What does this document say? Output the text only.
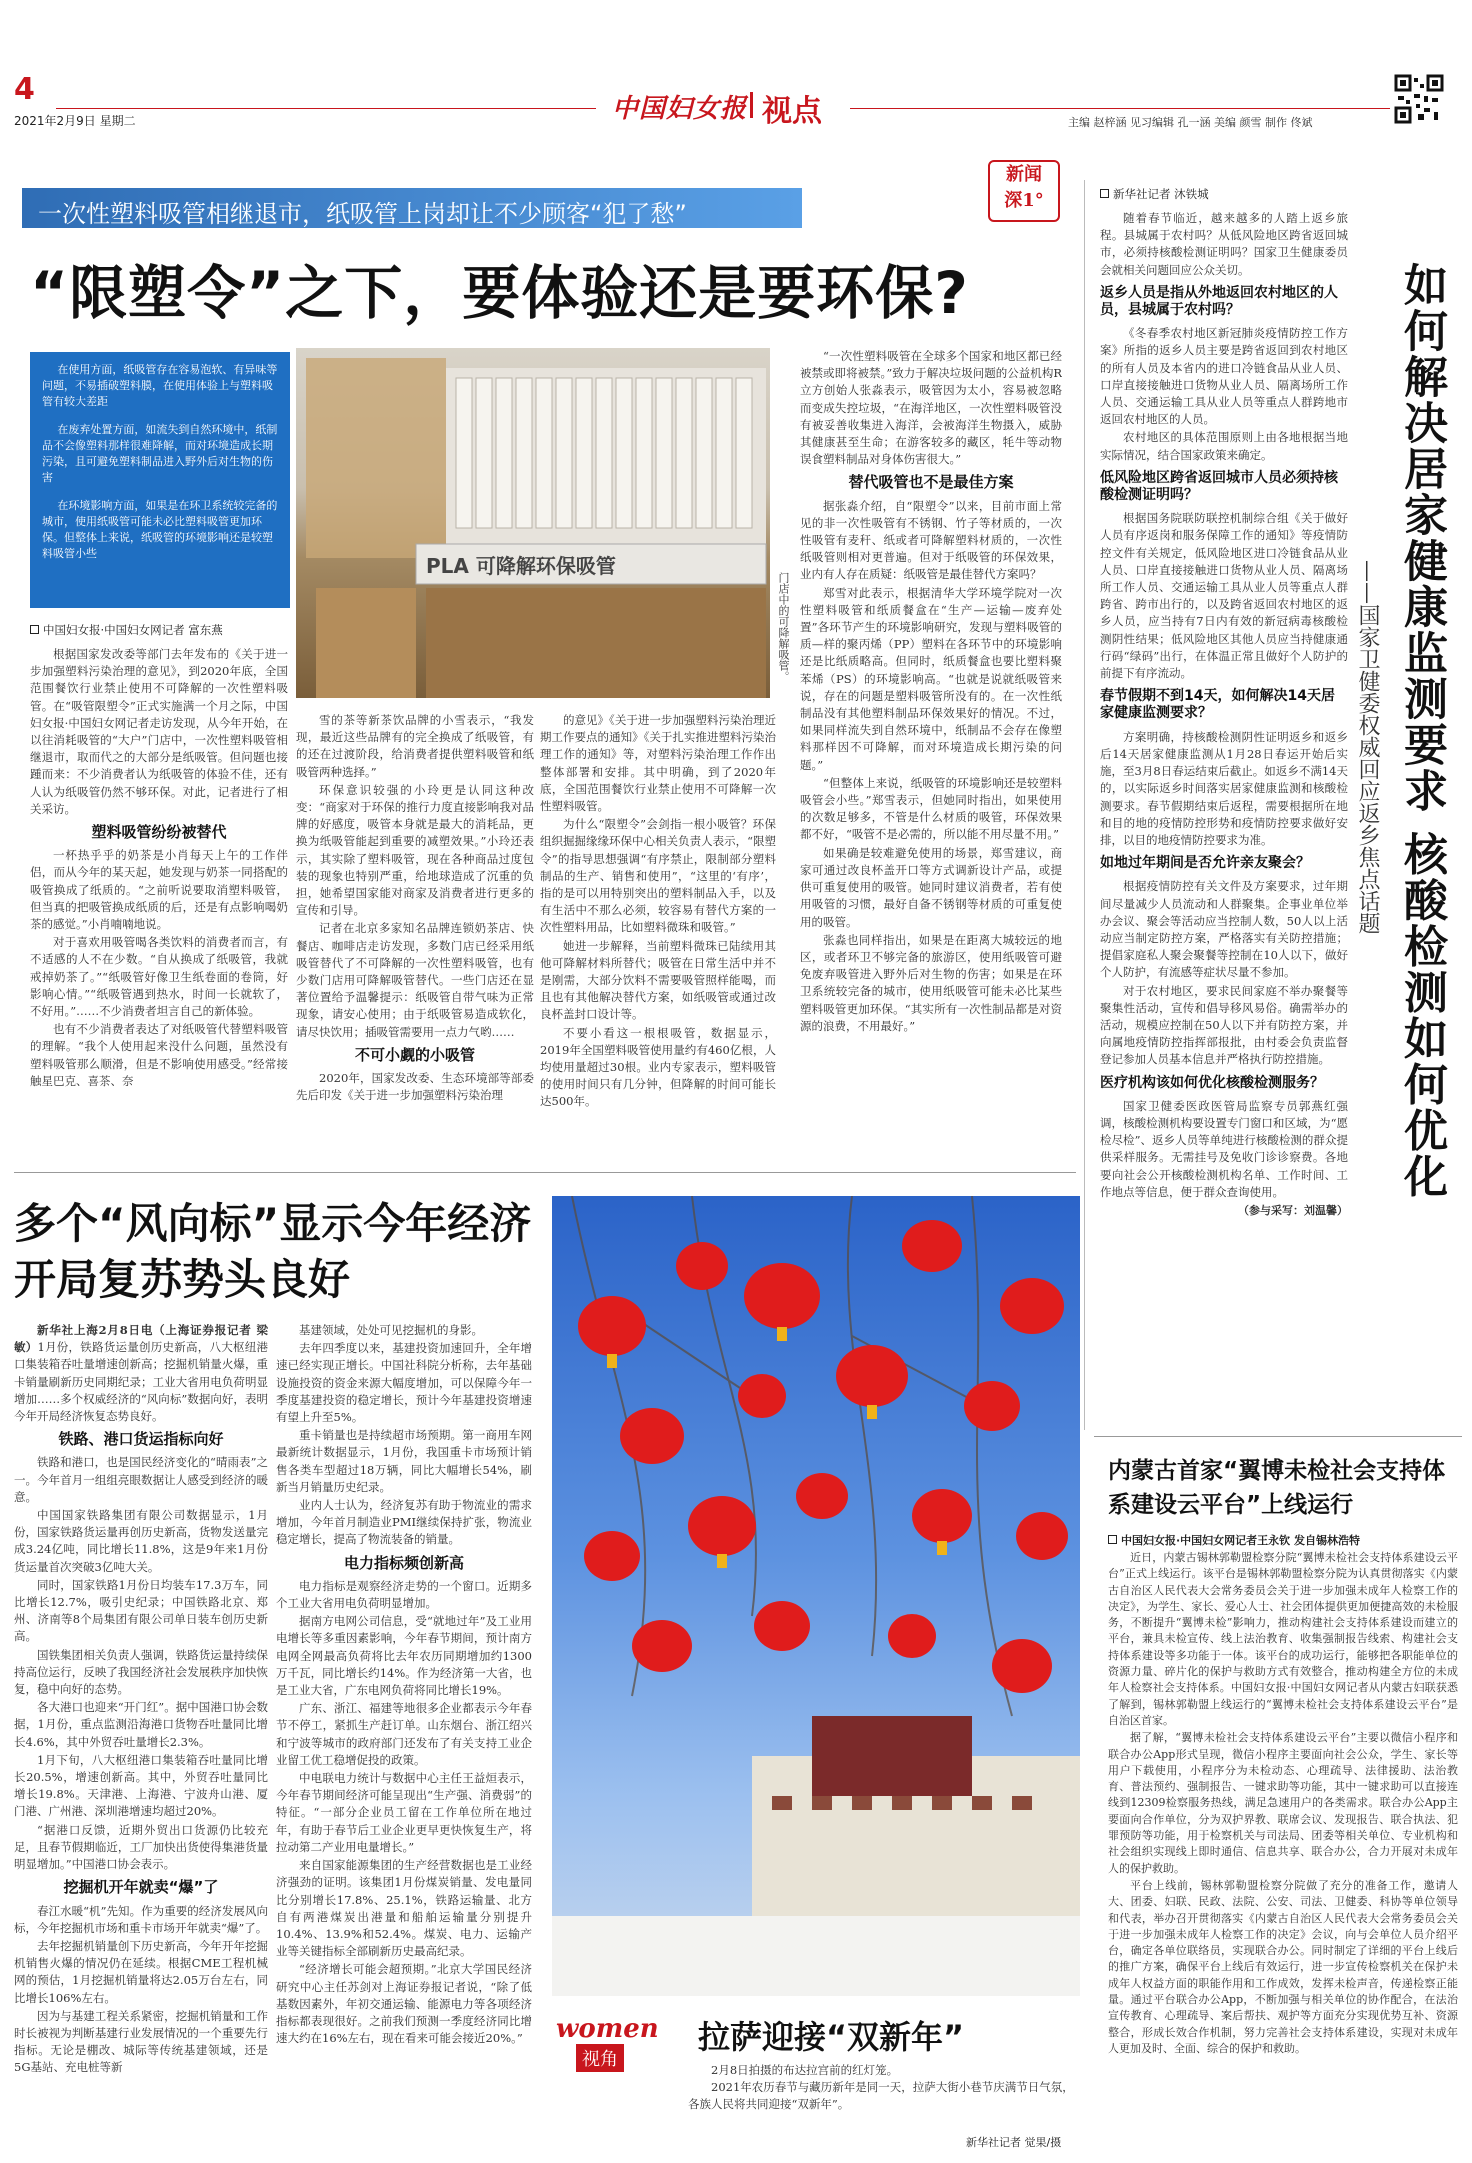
4
2021年2月9日 星期二	中国妇女报 视点	主编 赵梓涵 见习编辑 孔一涵 美编 颜雪 制作 佟斌
一次性塑料吸管相继退市，纸吸管上岗却让不少顾客“犯了愁”
新闻
深1°
“限塑令”之下，要体验还是要环保?
在使用方面，纸吸管存在容易泡软、有异味等问题，不易插破塑料膜，在使用体验上与塑料吸管有较大差距
在废弃处置方面，如流失到自然环境中，纸制品不会像塑料那样很难降解，而对环境造成长期污染，且可避免塑料制品进入野外后对生物的伤害
在环境影响方面，如果是在环卫系统较完备的城市，使用纸吸管可能未必比塑料吸管更加环保。但整体上来说，纸吸管的环境影响还是较塑料吸管小些
PLA 可降解环保吸管
门店中的可降解吸管。
中国妇女报·中国妇女网记者 富东燕

根据国家发改委等部门去年发布的《关于进一步加强塑料污染治理的意见》，到2020年底，全国范围餐饮行业禁止使用不可降解的一次性塑料吸管。在“吸管限塑令”正式实施满一个月之际，中国妇女报·中国妇女网记者走访发现，从今年开始，在以往消耗吸管的“大户”门店中，一次性塑料吸管相继退市，取而代之的大部分是纸吸管。但问题也接踵而来：不少消费者认为纸吸管的体验不佳，还有人认为纸吸管仍然不够环保。对此，记者进行了相关采访。

塑料吸管纷纷被替代

一杯热乎乎的奶茶是小肖每天上午的工作伴侣，而从今年的某天起，她发现与奶茶一同搭配的吸管换成了纸质的。“之前听说要取消塑料吸管，但当真的把吸管换成纸质的后，还是有点影响喝奶茶的感觉。”小肖喃喃地说。

对于喜欢用吸管喝各类饮料的消费者而言，有不适感的人不在少数。“自从换成了纸吸管，我就戒掉奶茶了。”“纸吸管好像卫生纸卷面的卷筒，好影响心情。”“纸吸管遇到热水，时间一长就软了，不好用。”……不少消费者坦言自己的新体验。

也有不少消费者表达了对纸吸管代替塑料吸管的理解。“我个人使用起来没什么问题，虽然没有塑料吸管那么顺滑，但是不影响使用感受。”经常接触星巴克、喜茶、奈

雪的茶等新茶饮品牌的小雪表示，“我发现，最近这些品牌有的完全换成了纸吸管，有的还在过渡阶段，给消费者提供塑料吸管和纸吸管两种选择。”

环保意识较强的小玲更是认同这种改变：“商家对于环保的推行力度直接影响我对品牌的好感度，吸管本身就是最大的消耗品，更换为纸吸管能起到重要的减塑效果。”小玲还表示，其实除了塑料吸管，现在各种商品过度包装的现象也特别严重，给地球造成了沉重的负担，她希望国家能对商家及消费者进行更多的宣传和引导。

记者在北京多家知名品牌连锁奶茶店、快餐店、咖啡店走访发现，多数门店已经采用纸吸管替代了不可降解的一次性塑料吸管，也有少数门店用可降解吸管替代。一些门店还在显著位置给予温馨提示：纸吸管自带气味为正常现象，请安心使用；由于纸吸管易造成软化，请尽快饮用；插吸管需要用一点力气哟……

不可小觑的小吸管

2020年，国家发改委、生态环境部等部委先后印发《关于进一步加强塑料污染治理

的意见》《关于进一步加强塑料污染治理近期工作要点的通知》《关于扎实推进塑料污染治理工作的通知》等，对塑料污染治理工作作出整体部署和安排。其中明确，到了2020年底，全国范围餐饮行业禁止使用不可降解一次性塑料吸管。

为什么“限塑令”会剑指一根小吸管？环保组织掘掘缘缘环保中心相关负责人表示，“限塑令”的指导思想强调“有序禁止，限制部分塑料制品的生产、销售和使用”，“这里的‘有序’，指的是可以用特别突出的塑料制品入手，以及有生活中不那么必须，较容易有替代方案的一次性塑料用品，比如塑料微珠和吸管。”

她进一步解释，当前塑料微珠已陆续用其他可降解材料所替代；吸管在日常生活中并不是刚需，大部分饮料不需要吸管照样能喝，而且也有其他解决替代方案，如纸吸管或通过改良杯盖封口设计等。

不要小看这一根根吸管，数据显示，2019年全国塑料吸管使用量约有460亿根，人均使用量超过30根。业内专家表示，塑料吸管的使用时间只有几分钟，但降解的时间可能长达500年。

“一次性塑料吸管在全球多个国家和地区都已经被禁或即将被禁。”致力于解决垃圾问题的公益机构R立方创始人张淼表示，吸管因为太小，容易被忽略而变成失控垃圾，“在海洋地区，一次性塑料吸管没有被妥善收集进入海洋，会被海洋生物摄入，威胁其健康甚至生命；在游客较多的藏区，牦牛等动物误食塑料制品对身体伤害很大。”

替代吸管也不是最佳方案

据张淼介绍，自“限塑令”以来，目前市面上常见的非一次性吸管有不锈钢、竹子等材质的，一次性吸管有麦秆、纸或者可降解塑料材质的，一次性纸吸管则相对更普遍。但对于纸吸管的环保效果，业内有人存在质疑：纸吸管是最佳替代方案吗？

郑雪对此表示，根据清华大学环境学院对一次性塑料吸管和纸质餐盒在“生产—运输—废弃处置”各环节产生的环境影响研究，发现与塑料吸管的质—样的聚丙烯（PP）塑料在各环节中的环境影响还是比纸质略高。但同时，纸质餐盒也要比塑料聚苯烯（PS）的环境影响高。“也就是说就纸吸管来说，存在的问题是塑料吸管所没有的。在一次性纸制品没有其他塑料制品环保效果好的情况。不过，如果同样流失到自然环境中，纸制品不会存在像塑料那样因不可降解，而对环境造成长期污染的问题。”

“但整体上来说，纸吸管的环境影响还是较塑料吸管会小些。”郑雪表示，但她同时指出，如果使用的次数足够多，不管是什么材质的吸管，环保效果都不好，“吸管不是必需的，所以能不用尽量不用。”

如果确是较难避免使用的场景，郑雪建议，商家可通过改良杯盖开口等方式调新设计产品，或提供可重复使用的吸管。她同时建议消费者，若有使用吸管的习惯，最好自备不锈钢等材质的可重复使用的吸管。

张淼也同样指出，如果是在距离大城较远的地区，或者环卫不够完备的旅游区，使用纸吸管可避免废弃吸管进入野外后对生物的伤害；如果是在环卫系统较完备的城市，使用纸吸管可能未必比某些塑料吸管更加环保。“其实所有一次性制品都是对资源的浪费，不用最好。”

新华社记者 沐铁城
如何解决居家健康监测要求 核酸检测如何优化
——国家卫健委权威回应返乡焦点话题

随着春节临近，越来越多的人踏上返乡旅程。县城属于农村吗？从低风险地区跨省返回城市，必须持核酸检测证明吗？国家卫生健康委员会就相关问题回应公众关切。

返乡人员是指从外地返回农村地区的人员，县城属于农村吗？

《冬春季农村地区新冠肺炎疫情防控工作方案》所指的返乡人员主要是跨省返回到农村地区的所有人员及本省内的进口冷链食品从业人员、口岸直接接触进口货物从业人员、隔离场所工作人员、交通运输工具从业人员等重点人群跨地市返回农村地区的人员。

农村地区的具体范围原则上由各地根据当地实际情况，结合国家政策来确定。

低风险地区跨省返回城市人员必须持核酸检测证明吗？

根据国务院联防联控机制综合组《关于做好人员有序返岗和服务保障工作的通知》等疫情防控文件有关规定，低风险地区进口冷链食品从业人员、口岸直接接触进口货物从业人员、隔离场所工作人员、交通运输工具从业人员等重点人群跨省、跨市出行的，以及跨省返回农村地区的返乡人员，应当持有7日内有效的新冠病毒核酸检测阴性结果；低风险地区其他人员应当持健康通行码“绿码”出行，在体温正常且做好个人防护的前提下有序流动。

春节假期不到14天，如何解决14天居家健康监测要求？

方案明确，持核酸检测阴性证明返乡和返乡后14天居家健康监测从1月28日春运开始后实施，至3月8日春运结束后截止。如返乡不满14天的，以实际返乡时间落实居家健康监测和核酸检测要求。春节假期结束后返程，需要根据所在地和目的地的疫情防控形势和疫情防控要求做好安排，以目的地疫情防控要求为准。

如地过年期间是否允许亲友聚会？

根据疫情防控有关文件及方案要求，过年期间尽量减少人员流动和人群聚集。企事业单位举办会议、聚会等活动应当控制人数，50人以上活动应当制定防控方案，严格落实有关防控措施；提倡家庭私人聚会聚餐等控制在10人以下，做好个人防护，有流感等症状尽量不参加。

对于农村地区，要求民间家庭不举办聚餐等聚集性活动，宣传和倡导移风易俗。确需举办的活动，规模应控制在50人以下并有防控方案，并向属地疫情防控指挥部报批，由村委会负责监督登记参加人员基本信息并严格执行防控措施。

医疗机构该如何优化核酸检测服务？

国家卫健委医政医管局监察专员郭燕红强调，核酸检测机构要设置专门窗口和区域，为“愿检尽检”、返乡人员等单纯进行核酸检测的群众提供采样服务。无需挂号及免收门诊诊察费。各地要向社会公开核酸检测机构名单、工作时间、工作地点等信息，便于群众查询使用。

（参与采写：刘温馨）
多个“风向标”显示今年经济开局复苏势头良好

新华社上海2月8日电（上海证券报记者 梁敏）1月份，铁路货运量创历史新高，八大枢纽港口集装箱吞吐量增速创新高；挖掘机销量火爆，重卡销量刷新历史同期纪录；工业大省用电负荷明显增加……多个权威经济的“风向标”数据向好，表明今年开局经济恢复态势良好。

铁路、港口货运指标向好

铁路和港口，也是国民经济变化的“晴雨表”之一。今年首月一组组亮眼数据让人感受到经济的暖意。

中国国家铁路集团有限公司数据显示，1月份，国家铁路货运量再创历史新高，货物发送量完成3.24亿吨，同比增长11.8%，这是9年来1月份货运量首次突破3亿吨大关。

同时，国家铁路1月份日均装车17.3万车，同比增长12.7%，吸引史纪录；中国铁路北京、郑州、济南等8个局集团有限公司单日装车创历史新高。

国铁集团相关负责人强调，铁路货运量持续保持高位运行，反映了我国经济社会发展秩序加快恢复，稳中向好的态势。

各大港口也迎来“开门红”。据中国港口协会数据，1月份，重点监测沿海港口货物吞吐量同比增长4.6%，其中外贸吞吐量增长2.3%。

1月下旬，八大枢纽港口集装箱吞吐量同比增长20.5%，增速创新高。其中，外贸吞吐量同比增长19.8%。天津港、上海港、宁波舟山港、厦门港、广州港、深圳港增速均超过20%。

“据港口反馈，近期外贸出口货源仍比较充足，且春节假期临近，工厂加快出货使得集港货量明显增加。”中国港口协会表示。

挖掘机开年就卖“爆”了

春江水暖“机”先知。作为重要的经济发展风向标，今年挖掘机市场和重卡市场开年就卖“爆”了。

去年挖掘机销量创下历史新高，今年开年挖掘机销售火爆的情况仍在延续。根据CME工程机械网的预估，1月挖掘机销量将达2.05万台左右，同比增长106%左右。

因为与基建工程关系紧密，挖掘机销量和工作时长被视为判断基建行业发展情况的一个重要先行指标。无论是棚改、城际等传统基建领域，还是5G基站、充电桩等新

基建领域，处处可见挖掘机的身影。

去年四季度以来，基建投资加速回升，全年增速已经实现正增长。中国社科院分析称，去年基础设施投资的资金来源大幅度增加，可以保障今年一季度基建投资的稳定增长，预计今年基建投资增速有望上升至5%。

重卡销量也是持续超市场预期。第一商用车网最新统计数据显示，1月份，我国重卡市场预计销售各类车型超过18万辆，同比大幅增长54%，刷新当月销量历史纪录。

业内人士认为，经济复苏有助于物流业的需求增加，今年首月制造业PMI继续保持扩张，物流业稳定增长，提高了物流装备的销量。

电力指标频创新高

电力指标是观察经济走势的一个窗口。近期多个工业大省用电负荷明显增加。

据南方电网公司信息，受“就地过年”及工业用电增长等多重因素影响，今年春节期间，预计南方电网全网最高负荷将比去年农历同期增加约1300万千瓦，同比增长约14%。作为经济第一大省，也是工业大省，广东电网负荷将同比增长19%。

广东、浙江、福建等地很多企业都表示今年春节不停工，紧抓生产赶订单。山东烟台、浙江绍兴和宁波等城市的政府部门还发布了有关支持工业企业留工优工稳增促投的政策。

中电联电力统计与数据中心主任王益烜表示，今年春节期间经济可能呈现出“生产强、消费弱”的特征。“一部分企业员工留在工作单位所在地过年，有助于春节后工业企业更早更快恢复生产，将拉动第二产业用电量增长。”

来自国家能源集团的生产经营数据也是工业经济强劲的证明。该集团1月份煤炭销量、发电量同比分别增长17.8%、25.1%，铁路运输量、北方自有两港煤炭出港量和船舶运输量分别提升10.4%、13.9%和52.4%。煤炭、电力、运输产业等关键指标全部刷新历史最高纪录。

“经济增长可能会超预期。”北京大学国民经济研究中心主任苏剑对上海证券报记者说，“除了低基数因素外，年初交通运输、能源电力等各项经济指标都表现很好。之前我们预测一季度经济同比增速大约在16%左右，现在看来可能会接近20%。”	women
视角
拉萨迎接“双新年”
2月8日拍摄的布达拉宫前的红灯笼。
2021年农历春节与藏历新年是同一天，拉萨大街小巷节庆满节日气氛，各族人民将共同迎接“双新年”。
新华社记者 觉果/摄
内蒙古首家“翼博未检社会支持体系建设云平台”上线运行
中国妇女报·中国妇女网记者王永钦 发自锡林浩特

近日，内蒙古锡林郭勒盟检察分院“翼博未检社会支持体系建设云平台”正式上线运行。该平台是锡林郭勒盟检察分院为认真贯彻落实《内蒙古自治区人民代表大会常务委员会关于进一步加强未成年人检察工作的决定》，为学生、家长、爱心人士、社会团体提供更加便捷高效的未检服务，不断提升“翼博未检”影响力，推动构建社会支持体系建设而建立的平台，兼具未检宣传、线上法治教育、收集强制报告线索、构建社会支持体系建设等多功能于一体。该平台的成功运行，能够把各职能单位的资源力量、碎片化的保护与救助方式有效整合，推动构建全方位的未成年人检察社会支持体系。中国妇女报·中国妇女网记者从内蒙古妇联获悉了解到，锡林郭勒盟上线运行的“翼博未检社会支持体系建设云平台”是自治区首家。

据了解，“翼博未检社会支持体系建设云平台”主要以微信小程序和联合办公App形式呈现，微信小程序主要面向社会公众，学生、家长等用户下载使用，小程序分为未检动态、心理疏导、法律援助、法治教育、普法预约、强制报告、一键求助等功能，其中一键求助可以直接连线到12309检察服务热线，满足急速用户的各类需求。联合办公App主要面向合作单位，分为双护界教、联席会议、发现报告、联合执法、犯罪预防等功能，用于检察机关与司法局、团委等相关单位、专业机构和社会组织实现线上即时通信、信息共享、联合办公，合力开展对未成年人的保护救助。

平台上线前，锡林郭勒盟检察分院做了充分的准备工作，邀请人大、团委、妇联、民政、法院、公安、司法、卫健委、科协等单位领导和代表，举办召开贯彻落实《内蒙古自治区人民代表大会常务委员会关于进一步加强未成年人检察工作的决定》会议，向与会单位人员介绍平台，确定各单位联络员，实现联合办公。同时制定了详细的平台上线后的推广方案，确保平台上线后有效运行，进一步宣传检察机关在保护未成年人权益方面的职能作用和工作成效，发挥未检声音，传递检察正能量。通过平台联合办公App，不断加强与相关单位的协作配合，在法治宣传教育、心理疏导、案后帮扶、观护等方面充分实现优势互补、资源整合，形成长效合作机制，努力完善社会支持体系建设，实现对未成年人更加及时、全面、综合的保护和救助。
